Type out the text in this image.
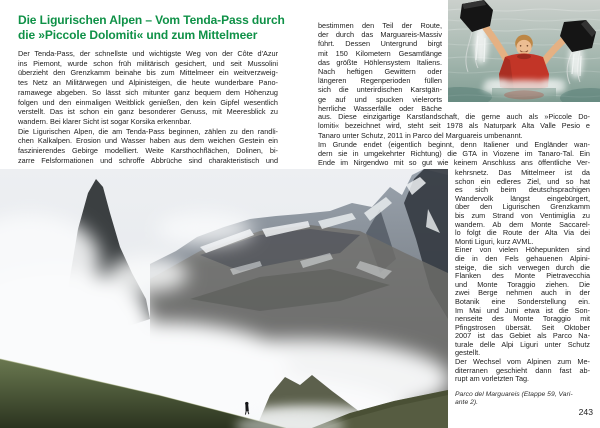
Die Ligurischen Alpen – Vom Tenda-Pass durch
die »Piccole Dolomiti« und zum Mittelmeer
Der Tenda-Pass, der schnellste und wichtigste Weg von der Côte d'Azur
ins Piemont, wurde schon früh militärisch gesichert, und seit Mussolini
überzieht den Grenzkamm beinahe bis zum Mittelmeer ein weitverzweig-
tes Netz an Militärwegen und Alpinisteigen, die heute wunderbare Pano-
ramawege abgeben. So lässt sich mitunter ganz bequem dem Höhenzug
folgen und den einmaligen Weitblick genießen, den kein Gipfel wesentlich
verstellt. Das ist schon ein ganz besonderer Genuss, mit Meeresblick zu
wandern. Bei klarer Sicht ist sogar Korsika erkennbar.
Die Ligurischen Alpen, die am Tenda-Pass beginnen, zählen zu den randli-
chen Kalkalpen. Erosion und Wasser haben aus dem weichen Gestein ein
faszinierendes Gebirge modelliert. Weite Karsthochflächen, Dolinen, bi-
zarre Felsformationen und schroffe Abbrüche sind charakteristisch und
bestimmen den Teil der Route,
der durch das Marguareis-Massiv
führt. Dessen Untergrund birgt
mit 150 Kilometern Gesamtlänge
das größte Höhlensystem Italiens.
Nach heftigen Gewittern oder
längeren Regenperioden füllen
sich die unterirdischen Karstgän-
ge auf und spucken vielerorts
herrliche Wasserfälle oder Bäche
aus. Diese einzigartige Karstlandschaft, die gerne auch als »Piccole Do-
lomiti« bezeichnet wird, steht seit 1978 als Naturpark Alta Valle Pesio e
Tanaro unter Schutz, 2011 in Parco del Marguareis umbenannt.
Im Grunde endet (eigentlich beginnt, denn Italiener und Engländer wan-
dern sie in umgekehrter Richtung) die GTA in Viozene im Tanaro-Tal. Ein
Ende im Nirgendwo mit so gut wie keinem Anschluss ans öffentliche Ver-
kehrsnetz. Das Mittelmeer ist da
schon ein edleres Ziel, und so hat
es sich beim deutschsprachigen
Wandervolk längst eingebürgert,
über den Ligurischen Grenzkamm
bis zum Strand von Ventimiglia zu
wandern. Ab dem Monte Saccarel-
lo folgt die Route der Alta Via dei
Monti Liguri, kurz AVML.
Einer von vielen Höhepunkten sind
die in den Fels gehauenen Alpini-
steige, die sich verwegen durch die
Flanken des Monte Pietravecchia
und Monte Toraggio ziehen. Die
zwei Berge nehmen auch in der
Botanik eine Sonderstellung ein.
Im Mai und Juni etwa ist die Son-
nenseite des Monte Toraggio mit
Pfingstrosen übersät. Seit Oktober
2007 ist das Gebiet als Parco Na-
turale delle Alpi Liguri unter Schutz
gestellt.
Der Wechsel vom Alpinen zum Me-
diterranen geschieht dann fast ab-
rupt am vorletzten Tag.
Parco del Marguareis (Etappe 59, Vari-
ante 2).
243
